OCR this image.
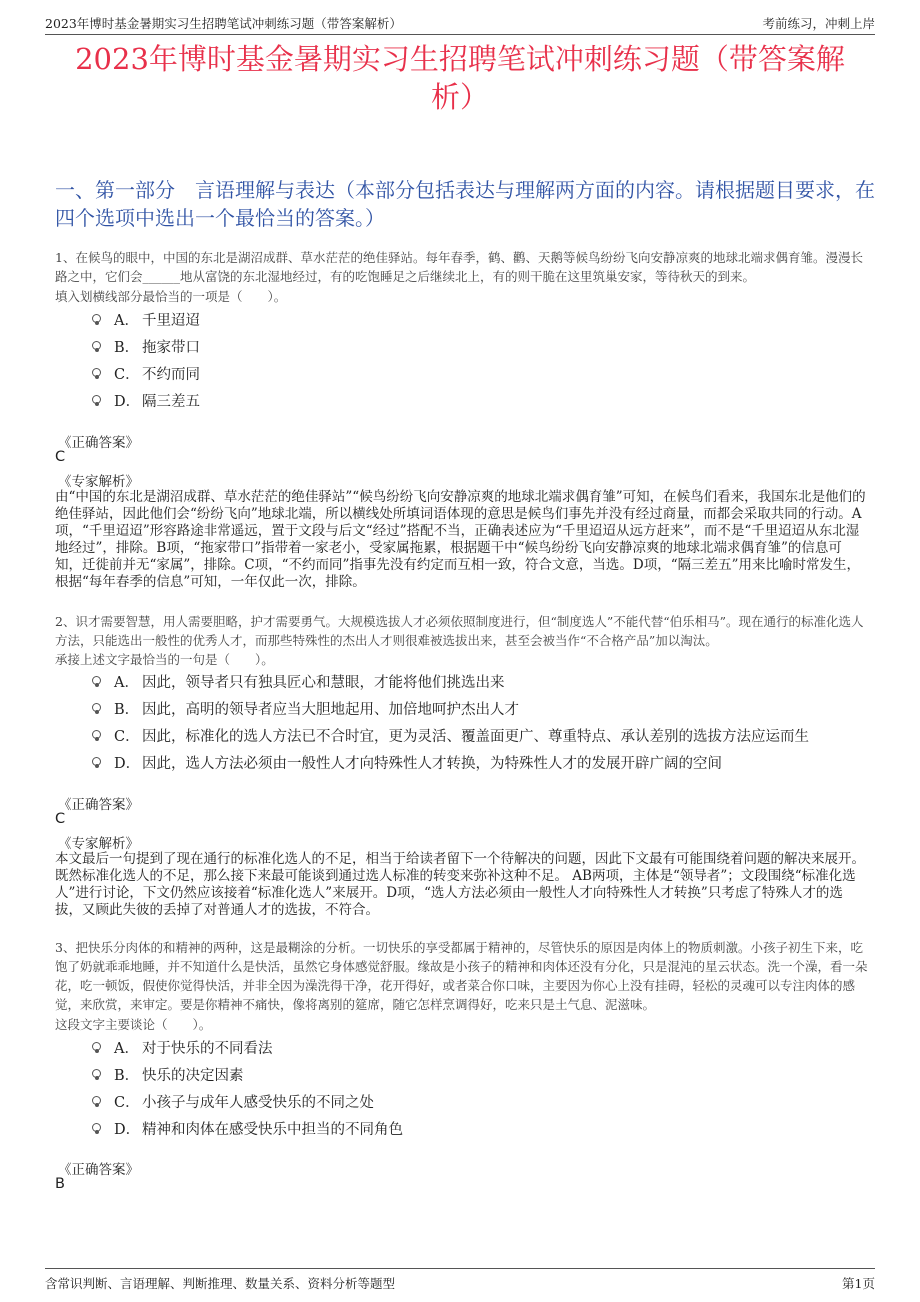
2023年博时基金暑期实习生招聘笔试冲刺练习题（带答案解析）	考前练习，冲刺上岸
2023年博时基金暑期实习生招聘笔试冲刺练习题（带答案解析）
一、第一部分　言语理解与表达（本部分包括表达与理解两方面的内容。请根据题目要求，在四个选项中选出一个最恰当的答案。）
1、在候鸟的眼中，中国的东北是湖沼成群、草水茫茫的绝佳驿站。每年春季，鹤、鹳、天鹅等候鸟纷纷飞向安静凉爽的地球北端求偶育雏。漫漫长路之中，它们会______地从富饶的东北湿地经过，有的吃饱睡足之后继续北上，有的则干脆在这里筑巢安家，等待秋天的到来。
填入划横线部分最恰当的一项是（　　）。
A． 千里迢迢
B． 拖家带口
C． 不约而同
D． 隔三差五
《正确答案》
C
《专家解析》
由“中国的东北是湖沼成群、草水茫茫的绝佳驿站”“候鸟纷纷飞向安静凉爽的地球北端求偶育雏”可知，在候鸟们看来，我国东北是他们的绝佳驿站，因此他们会“纷纷飞向”地球北端，所以横线处所填词语体现的意思是候鸟们事先并没有经过商量，而都会采取共同的行动。A项，“千里迢迢”形容路途非常遥远，置于文段与后文“经过”搭配不当，正确表述应为“千里迢迢从远方赶来”，而不是“千里迢迢从东北湿地经过”，排除。B项，“拖家带口”指带着一家老小，受家属拖累，根据题干中“候鸟纷纷飞向安静凉爽的地球北端求偶育雏”的信息可知，迁徙前并无“家属”，排除。C项，“不约而同”指事先没有约定而互相一致，符合文意，当选。D项，“隔三差五”用来比喻时常发生，根据“每年春季的信息”可知，一年仅此一次，排除。
2、识才需要智慧，用人需要胆略，护才需要勇气。大规模选拔人才必须依照制度进行，但“制度选人”不能代替“伯乐相马”。现在通行的标准化选人方法，只能选出一般性的优秀人才，而那些特殊性的杰出人才则很难被选拔出来，甚至会被当作“不合格产品”加以淘汰。
承接上述文字最恰当的一句是（　　）。
A． 因此，领导者只有独具匠心和慧眼，才能将他们挑选出来
B． 因此，高明的领导者应当大胆地起用、加倍地呵护杰出人才
C． 因此，标准化的选人方法已不合时宜，更为灵活、覆盖面更广、尊重特点、承认差别的选拔方法应运而生
D． 因此，选人方法必须由一般性人才向特殊性人才转换，为特殊性人才的发展开辟广阔的空间
《正确答案》
C
《专家解析》
本文最后一句提到了现在通行的标准化选人的不足，相当于给读者留下一个待解决的问题，因此下文最有可能围绕着问题的解决来展开。既然标准化选人的不足，那么接下来最可能谈到通过选人标准的转变来弥补这种不足。 AB两项，主体是“领导者”；文段围绕“标准化选人”进行讨论，下文仍然应该接着“标准化选人”来展开。D项，“选人方法必须由一般性人才向特殊性人才转换”只考虑了特殊人才的选拔，又顾此失彼的丢掉了对普通人才的选拔，不符合。
3、把快乐分肉体的和精神的两种，这是最糊涂的分析。一切快乐的享受都属于精神的，尽管快乐的原因是肉体上的物质刺激。小孩子初生下来，吃饱了奶就乖乖地睡，并不知道什么是快活，虽然它身体感觉舒服。缘故是小孩子的精神和肉体还没有分化，只是混沌的星云状态。洗一个澡，看一朵花，吃一顿饭，假使你觉得快活，并非全因为澡洗得干净，花开得好，或者菜合你口味，主要因为你心上没有挂碍，轻松的灵魂可以专注肉体的感觉，来欣赏，来审定。要是你精神不痛快，像将离别的筵席，随它怎样烹调得好，吃来只是土气息、泥滋味。
这段文字主要谈论（　　）。
A． 对于快乐的不同看法
B． 快乐的决定因素
C． 小孩子与成年人感受快乐的不同之处
D． 精神和肉体在感受快乐中担当的不同角色
《正确答案》
B
含常识判断、言语理解、判断推理、数量关系、资料分析等题型	第1页
